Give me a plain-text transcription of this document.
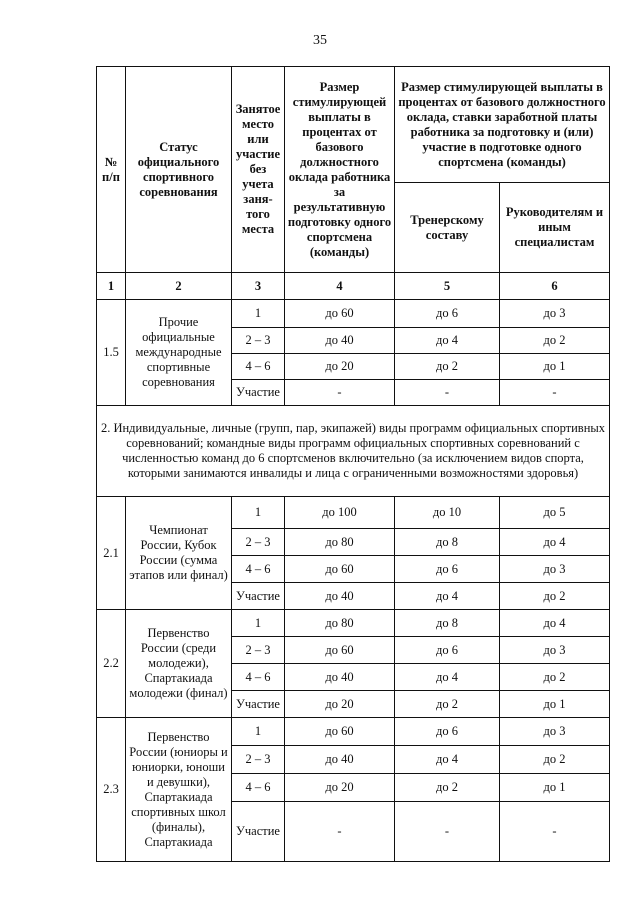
35
№ п/п	Статус официального спортивного соревнования	Занятое место или участие без учета заня-того места	Размер стимулирующей выплаты в процентах от базового должностного оклада работника за результативную подготовку одного спортсмена (команды)	Размер стимулирующей выплаты в процентах от базового должностного оклада, ставки заработной платы работника за подготовку и (или) участие в подготовке одного спортсмена (команды)	
				Тренерскому составу	Руководителям и иным специалистам
1	2	3	4	5	6
1.5	Прочие официальные международные спортивные соревнования	1	до 60	до 6	до 3
		2 – 3	до 40	до 4	до 2
		4 – 6	до 20	до 2	до 1
		Участие	-	-	-
2. Индивидуальные, личные (групп, пар, экипажей) виды программ официальных спортивных соревнований; командные виды программ официальных спортивных соревнований с численностью команд до 6 спортсменов включительно (за исключением видов спорта, которыми занимаются инвалиды и лица с ограниченными возможностями здоровья)					
2.1	Чемпионат России, Кубок России (сумма этапов или финал)	1	до 100	до 10	до 5
		2 – 3	до 80	до 8	до 4
		4 – 6	до 60	до 6	до 3
		Участие	до 40	до 4	до 2
2.2	Первенство России (среди молодежи), Спартакиада молодежи (финал)	1	до 80	до 8	до 4
		2 – 3	до 60	до 6	до 3
		4 – 6	до 40	до 4	до 2
		Участие	до 20	до 2	до 1
2.3	Первенство России (юниоры и юниорки, юноши и девушки), Спартакиада спортивных школ (финалы), Спартакиада	1	до 60	до 6	до 3
		2 – 3	до 40	до 4	до 2
		4 – 6	до 20	до 2	до 1
		Участие	-	-	-
